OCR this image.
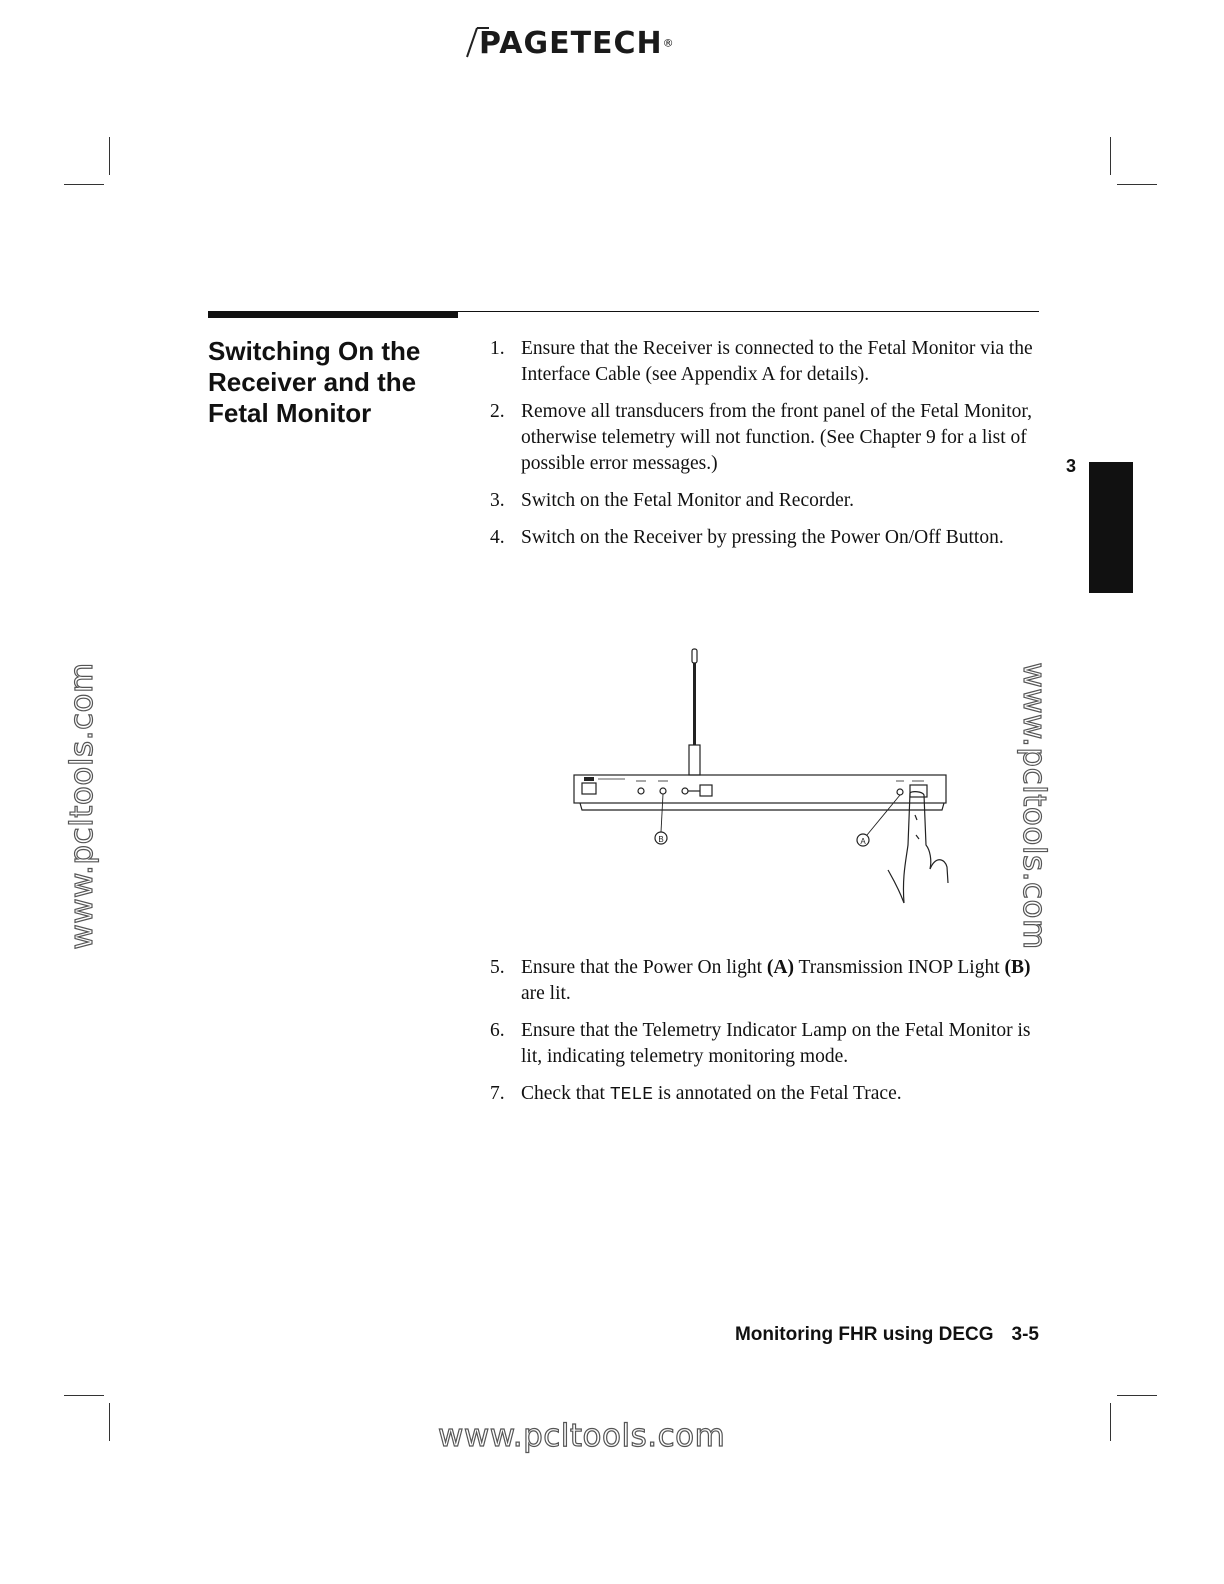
PAGETECH®
Switching On the Receiver and the Fetal Monitor
1. Ensure that the Receiver is connected to the Fetal Monitor via the Interface Cable (see Appendix A for details).
2. Remove all transducers from the front panel of the Fetal Monitor, otherwise telemetry will not function. (See Chapter 9 for a list of possible error messages.)
3. Switch on the Fetal Monitor and Recorder.
4. Switch on the Receiver by pressing the Power On/Off Button.
B	A
5. Ensure that the Power On light (A) Transmission INOP Light (B) are lit.
6. Ensure that the Telemetry Indicator Lamp on the Fetal Monitor is lit, indicating telemetry monitoring mode.
7. Check that TELE is annotated on the Fetal Trace.
3
www.pcltools.com	www.pcltools.com
www.pcltools.com
Monitoring FHR using DECG 3-5
